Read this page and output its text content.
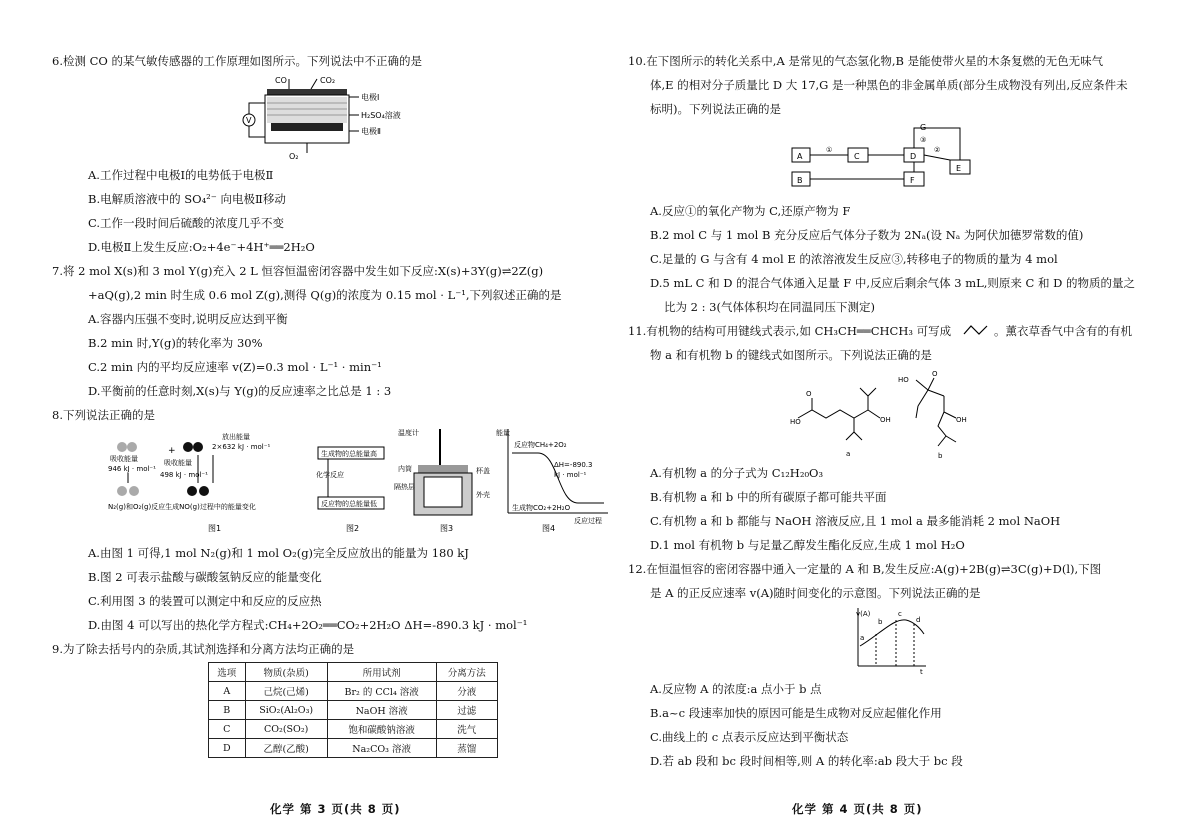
6.检测 CO 的某气敏传感器的工作原理如图所示。下列说法中不正确的是
CO	CO₂
V
O₂
电极Ⅰ
H₂SO₄溶液
电极Ⅱ
A.工作过程中电极Ⅰ的电势低于电极Ⅱ
B.电解质溶液中的 SO₄²⁻ 向电极Ⅱ移动
C.工作一段时间后硫酸的浓度几乎不变
D.电极Ⅱ上发生反应:O₂+4e⁻+4H⁺══2H₂O
7.将 2 mol X(s)和 3 mol Y(g)充入 2 L 恒容恒温密闭容器中发生如下反应:X(s)+3Y(g)⇌2Z(g)
+aQ(g),2 min 时生成 0.6 mol Z(g),测得 Q(g)的浓度为 0.15 mol · L⁻¹,下列叙述正确的是
A.容器内压强不变时,说明反应达到平衡
B.2 min 时,Y(g)的转化率为 30%
C.2 min 内的平均反应速率 v(Z)=0.3 mol · L⁻¹ · min⁻¹
D.平衡前的任意时刻,X(s)与 Y(g)的反应速率之比总是 1 : 3
8.下列说法正确的是
+
放出能量
2×632 kJ · mol⁻¹
吸收能量
946 kJ · mol⁻¹
吸收能量
498 kJ · mol⁻¹
N₂(g)和O₂(g)反应生成NO(g)过程中的能量变化
图1
生成物的总能量高
化学反应
反应物的总能量低
图2
温度计
内筒	杯盖
隔热层
外壳
图3
能量
反应物CH₄+2O₂
ΔH=-890.3
kJ · mol⁻¹
生成物CO₂+2H₂O
反应过程
图4
A.由图 1 可得,1 mol N₂(g)和 1 mol O₂(g)完全反应放出的能量为 180 kJ
B.图 2 可表示盐酸与碳酸氢钠反应的能量变化
C.利用图 3 的装置可以测定中和反应的反应热
D.由图 4 可以写出的热化学方程式:CH₄+2O₂══CO₂+2H₂O ΔH=-890.3 kJ · mol⁻¹
9.为了除去括号内的杂质,其试剂选择和分离方法均正确的是
选项	物质(杂质)	所用试剂	分离方法
A	己烷(己烯)	Br₂ 的 CCl₄ 溶液	分液
B	SiO₂(Al₂O₃)	NaOH 溶液	过滤
C	CO₂(SO₂)	饱和碳酸钠溶液	洗气
D	乙醇(乙酸)	Na₂CO₃ 溶液	蒸馏
化学 第 3 页(共 8 页)
10.在下图所示的转化关系中,A 是常见的气态氢化物,B 是能使带火星的木条复燃的无色无味气
体,E 的相对分子质量比 D 大 17,G 是一种黑色的非金属单质(部分生成物没有列出,反应条件未
标明)。下列说法正确的是
G
③
A
B
①
C	D
F
②
E
A.反应①的氧化产物为 C,还原产物为 F
B.2 mol C 与 1 mol B 充分反应后气体分子数为 2Nₐ(设 Nₐ 为阿伏加德罗常数的值)
C.足量的 G 与含有 4 mol E 的浓溶液发生反应③,转移电子的物质的量为 4 mol
D.5 mL C 和 D 的混合气体通入足量 F 中,反应后剩余气体 3 mL,则原来 C 和 D 的物质的量之
比为 2 : 3(气体体积均在同温同压下测定)
11.有机物的结构可用键线式表示,如 CH₃CH══CHCH₃ 可写成	。薰衣草香气中含有的有机
物 a 和有机物 b 的键线式如图所示。下列说法正确的是
O
HO	OH
a
HO
O
OH
b
A.有机物 a 的分子式为 C₁₂H₂₀O₃
B.有机物 a 和 b 中的所有碳原子都可能共平面
C.有机物 a 和 b 都能与 NaOH 溶液反应,且 1 mol a 最多能消耗 2 mol NaOH
D.1 mol 有机物 b 与足量乙醇发生酯化反应,生成 1 mol H₂O
12.在恒温恒容的密闭容器中通入一定量的 A 和 B,发生反应:A(g)+2B(g)⇌3C(g)+D(l),下图
是 A 的正反应速率 v(A)随时间变化的示意图。下列说法正确的是
v(A)
t
a
b
c
d
A.反应物 A 的浓度:a 点小于 b 点
B.a~c 段速率加快的原因可能是生成物对反应起催化作用
C.曲线上的 c 点表示反应达到平衡状态
D.若 ab 段和 bc 段时间相等,则 A 的转化率:ab 段大于 bc 段
化学 第 4 页(共 8 页)
